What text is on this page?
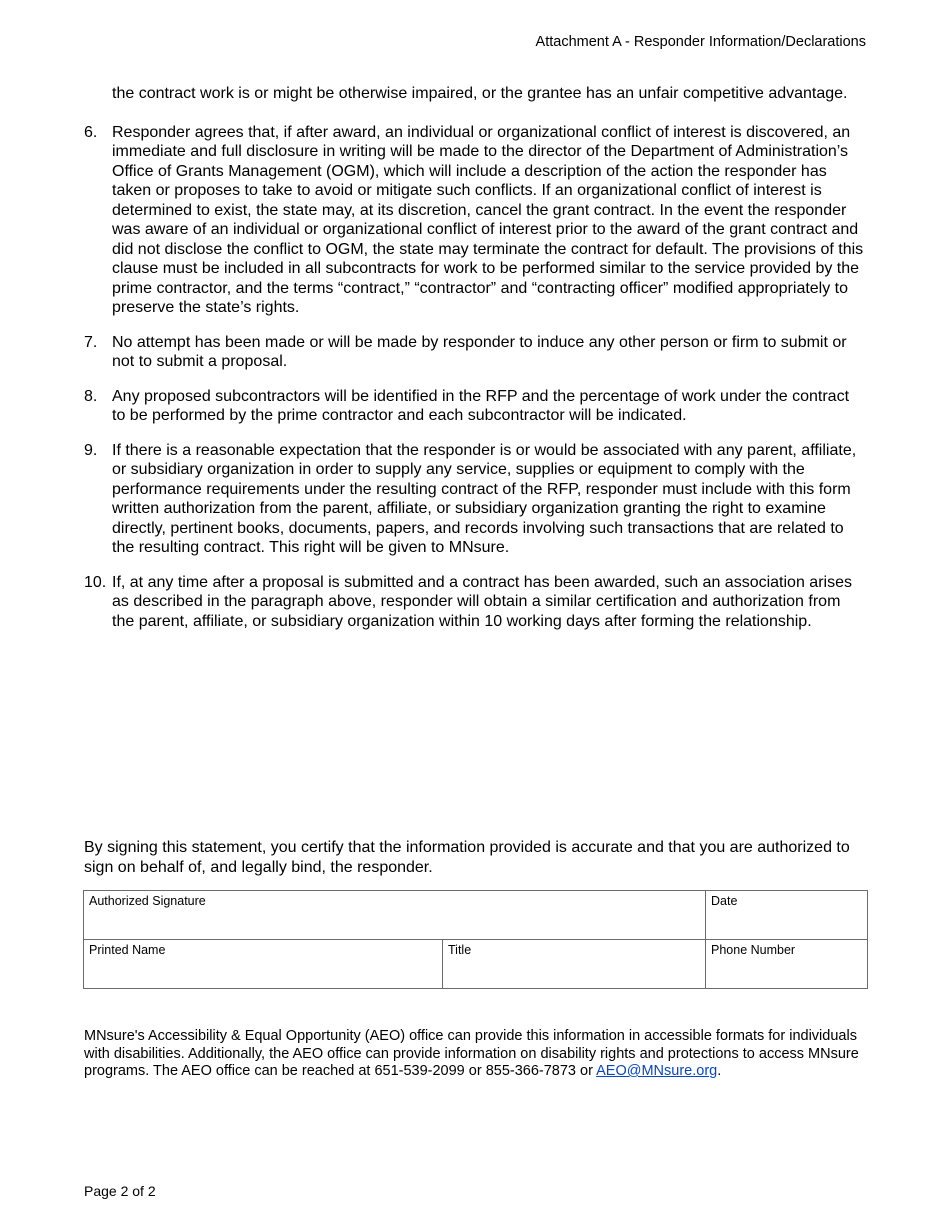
Attachment A - Responder Information/Declarations

the contract work is or might be otherwise impaired, or the grantee has an unfair competitive advantage.

6. Responder agrees that, if after award, an individual or organizational conflict of interest is discovered, an immediate and full disclosure in writing will be made to the director of the Department of Administration’s Office of Grants Management (OGM), which will include a description of the action the responder has taken or proposes to take to avoid or mitigate such conflicts. If an organizational conflict of interest is determined to exist, the state may, at its discretion, cancel the grant contract. In the event the responder was aware of an individual or organizational conflict of interest prior to the award of the grant contract and did not disclose the conflict to OGM, the state may terminate the contract for default. The provisions of this clause must be included in all subcontracts for work to be performed similar to the service provided by the prime contractor, and the terms “contract,” “contractor” and “contracting officer” modified appropriately to preserve the state’s rights.
7. No attempt has been made or will be made by responder to induce any other person or firm to submit or not to submit a proposal.
8. Any proposed subcontractors will be identified in the RFP and the percentage of work under the contract to be performed by the prime contractor and each subcontractor will be indicated.
9. If there is a reasonable expectation that the responder is or would be associated with any parent, affiliate, or subsidiary organization in order to supply any service, supplies or equipment to comply with the performance requirements under the resulting contract of the RFP, responder must include with this form written authorization from the parent, affiliate, or subsidiary organization granting the right to examine directly, pertinent books, documents, papers, and records involving such transactions that are related to the resulting contract. This right will be given to MNsure.
10. If, at any time after a proposal is submitted and a contract has been awarded, such an association arises as described in the paragraph above, responder will obtain a similar certification and authorization from the parent, affiliate, or subsidiary organization within 10 working days after forming the relationship.
By signing this statement, you certify that the information provided is accurate and that you are authorized to sign on behalf of, and legally bind, the responder.
Authorized Signature		Date
Printed Name	Title	Phone Number
MNsure's Accessibility & Equal Opportunity (AEO) office can provide this information in accessible formats for individuals with disabilities. Additionally, the AEO office can provide information on disability rights and protections to access MNsure programs. The AEO office can be reached at 651-539-2099 or 855-366-7873 or AEO@MNsure.org.
Page 2 of 2
